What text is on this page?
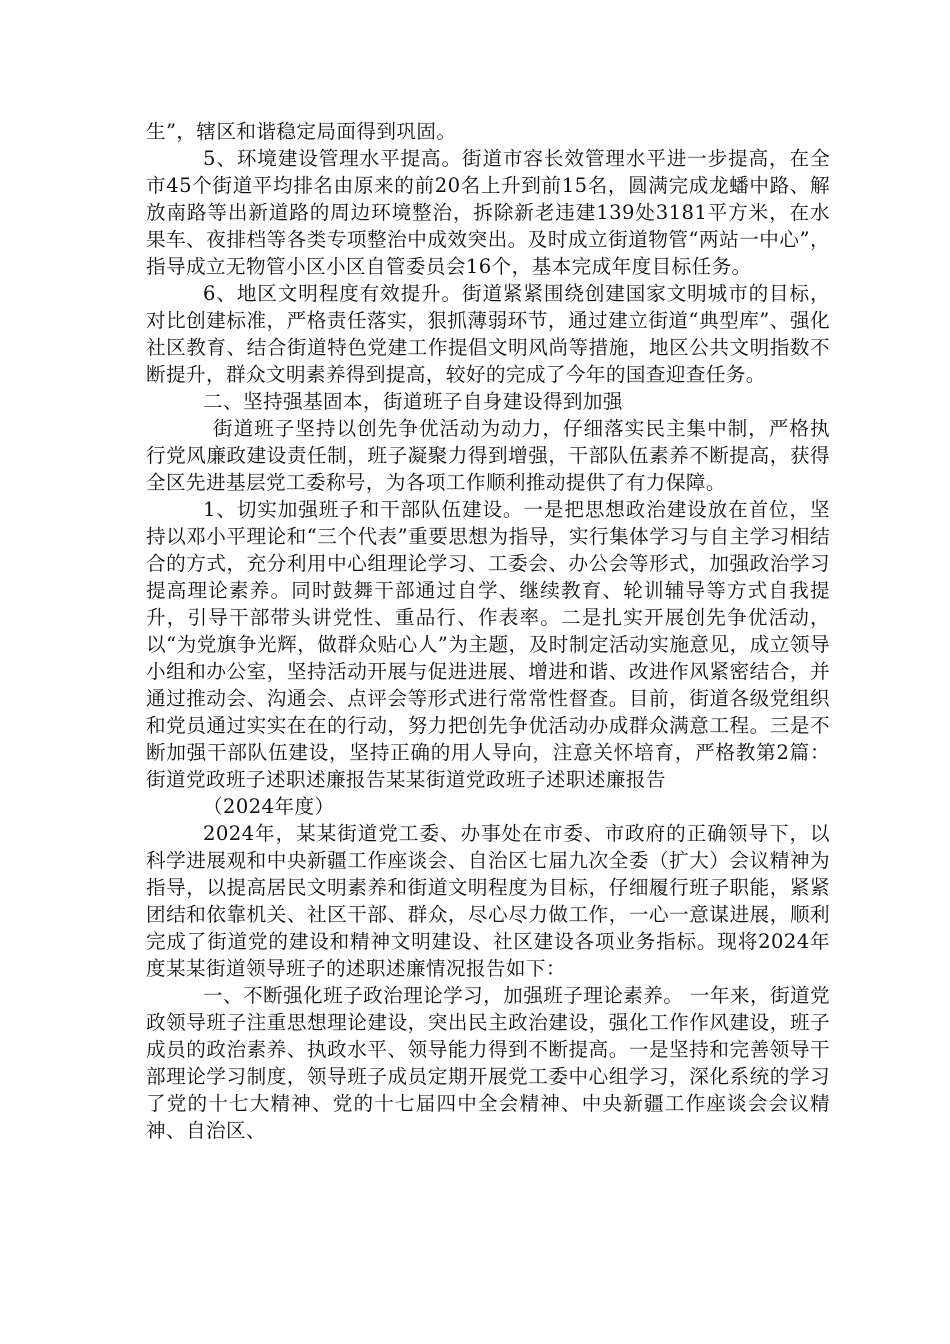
生”，辖区和谐稳定局面得到巩固。

5、环境建设管理水平提高。街道市容长效管理水平进一步提高，在全市45个街道平均排名由原来的前20名上升到前15名，圆满完成龙蟠中路、解放南路等出新道路的周边环境整治，拆除新老违建139处3181平方米，在水果车、夜排档等各类专项整治中成效突出。及时成立街道物管“两站一中心”，指导成立无物管小区小区自管委员会16个，基本完成年度目标任务。

6、地区文明程度有效提升。街道紧紧围绕创建国家文明城市的目标，对比创建标准，严格责任落实，狠抓薄弱环节，通过建立街道“典型库”、强化社区教育、结合街道特色党建工作提倡文明风尚等措施，地区公共文明指数不断提升，群众文明素养得到提高，较好的完成了今年的国查迎查任务。

二、坚持强基固本，街道班子自身建设得到加强

街道班子坚持以创先争优活动为动力，仔细落实民主集中制，严格执行党风廉政建设责任制，班子凝聚力得到增强，干部队伍素养不断提高，获得全区先进基层党工委称号，为各项工作顺利推动提供了有力保障。

1、切实加强班子和干部队伍建设。一是把思想政治建设放在首位，坚持以邓小平理论和“三个代表”重要思想为指导，实行集体学习与自主学习相结合的方式，充分利用中心组理论学习、工委会、办公会等形式，加强政治学习提高理论素养。同时鼓舞干部通过自学、继续教育、轮训辅导等方式自我提升，引导干部带头讲党性、重品行、作表率。二是扎实开展创先争优活动，以“为党旗争光辉，做群众贴心人”为主题，及时制定活动实施意见，成立领导小组和办公室，坚持活动开展与促进进展、增进和谐、改进作风紧密结合，并通过推动会、沟通会、点评会等形式进行常常性督查。目前，街道各级党组织和党员通过实实在在的行动，努力把创先争优活动办成群众满意工程。三是不断加强干部队伍建设，坚持正确的用人导向，注意关怀培育，严格教第2篇：街道党政班子述职述廉报告某某街道党政班子述职述廉报告

（2024年度）

2024年，某某街道党工委、办事处在市委、市政府的正确领导下，以科学进展观和中央新疆工作座谈会、自治区七届九次全委（扩大）会议精神为指导，以提高居民文明素养和街道文明程度为目标，仔细履行班子职能，紧紧团结和依靠机关、社区干部、群众，尽心尽力做工作，一心一意谋进展，顺利完成了街道党的建设和精神文明建设、社区建设各项业务指标。现将2024年度某某街道领导班子的述职述廉情况报告如下：

一、不断强化班子政治理论学习，加强班子理论素养。 一年来，街道党政领导班子注重思想理论建设，突出民主政治建设，强化工作作风建设，班子成员的政治素养、执政水平、领导能力得到不断提高。一是坚持和完善领导干部理论学习制度，领导班子成员定期开展党工委中心组学习，深化系统的学习了党的十七大精神、党的十七届四中全会精神、中央新疆工作座谈会会议精神、自治区、
